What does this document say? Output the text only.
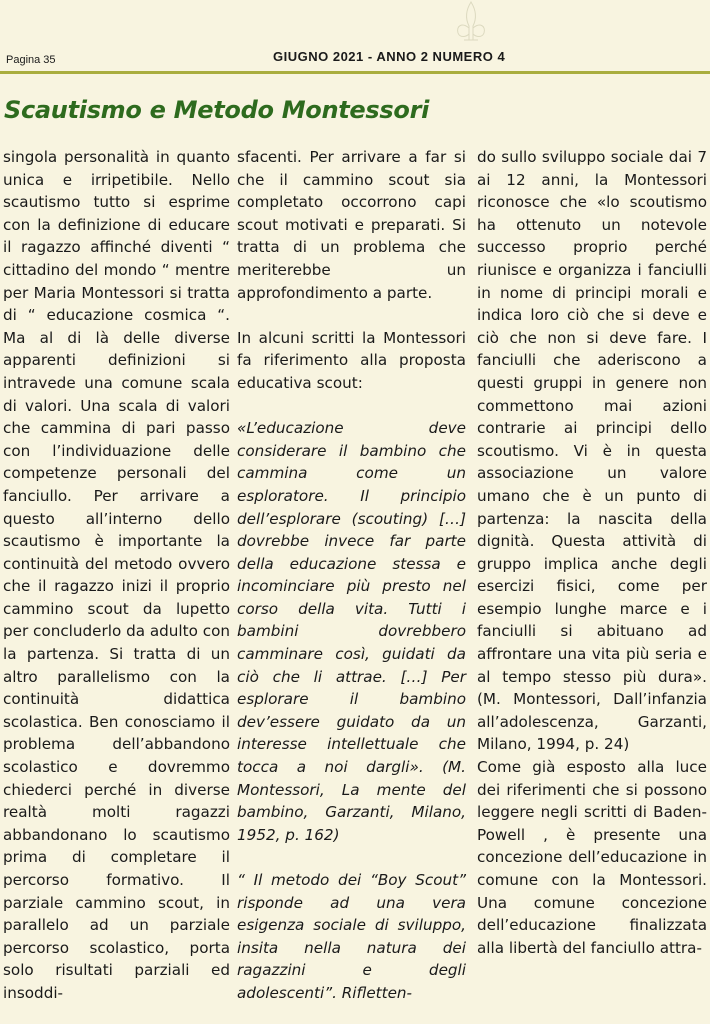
Pagina 35	GIUGNO 2021 - ANNO 2 NUMERO 4
Scautismo e Metodo Montessori

singola personalità in quanto unica e irripetibile. Nello scautismo tutto si esprime con la definizione di educare il ragazzo affinché diventi “ cittadino del mondo “ mentre per Maria Montessori si tratta di “ educazione cosmica “. Ma al di là delle diverse apparenti definizioni si intravede una comune scala di valori. Una scala di valori che cammina di pari passo con l’individuazione delle competenze personali del fanciullo. Per arrivare a questo all’interno dello scautismo è importante la continuità del metodo ovvero che il ragazzo inizi il proprio cammino scout da lupetto per concluderlo da adulto con la partenza. Si tratta di un altro parallelismo con la continuità didattica scolastica. Ben conosciamo il problema dell’abbandono scolastico e dovremmo chiederci perché in diverse realtà molti ragazzi abbandonano lo scautismo prima di completare il percorso formativo. Il parziale cammino scout, in parallelo ad un parziale percorso scolastico, porta solo risultati parziali ed insoddi-

sfacenti. Per arrivare a far si che il cammino scout sia completato occorrono capi scout motivati e preparati. Si tratta di un problema che meriterebbe un approfondimento a parte.

In alcuni scritti la Montessori fa riferimento alla proposta educativa scout:

«L’educazione deve considerare il bambino che cammina come un esploratore. Il principio dell’esplorare (scouting) […] dovrebbe invece far parte della educazione stessa e incominciare più presto nel corso della vita. Tutti i bambini dovrebbero camminare così, guidati da ciò che li attrae. […] Per esplorare il bambino dev’essere guidato da un interesse intellettuale che tocca a noi dargli». (M. Montessori, La mente del bambino, Garzanti, Milano, 1952, p. 162)

“ Il metodo dei “Boy Scout” risponde ad una vera esigenza sociale di sviluppo, insita nella natura dei ragazzini e degli adolescenti”. Rifletten-

do sullo sviluppo sociale dai 7 ai 12 anni, la Montessori riconosce che «lo scoutismo ha ottenuto un notevole successo proprio perché riunisce e organizza i fanciulli in nome di principi morali e indica loro ciò che si deve e ciò che non si deve fare. I fanciulli che aderiscono a questi gruppi in genere non commettono mai azioni contrarie ai principi dello scoutismo. Vi è in questa associazione un valore umano che è un punto di partenza: la nascita della dignità. Questa attività di gruppo implica anche degli esercizi fisici, come per esempio lunghe marce e i fanciulli si abituano ad affrontare una vita più seria e al tempo stesso più dura». (M. Montessori, Dall’infanzia all’adolescenza, Garzanti, Milano, 1994, p. 24)

Come già esposto alla luce dei riferimenti che si possono leggere negli scritti di Baden-Powell , è presente una concezione dell’educazione in comune con la Montessori. Una comune concezione dell’educazione finalizzata alla libertà del fanciullo attra-
